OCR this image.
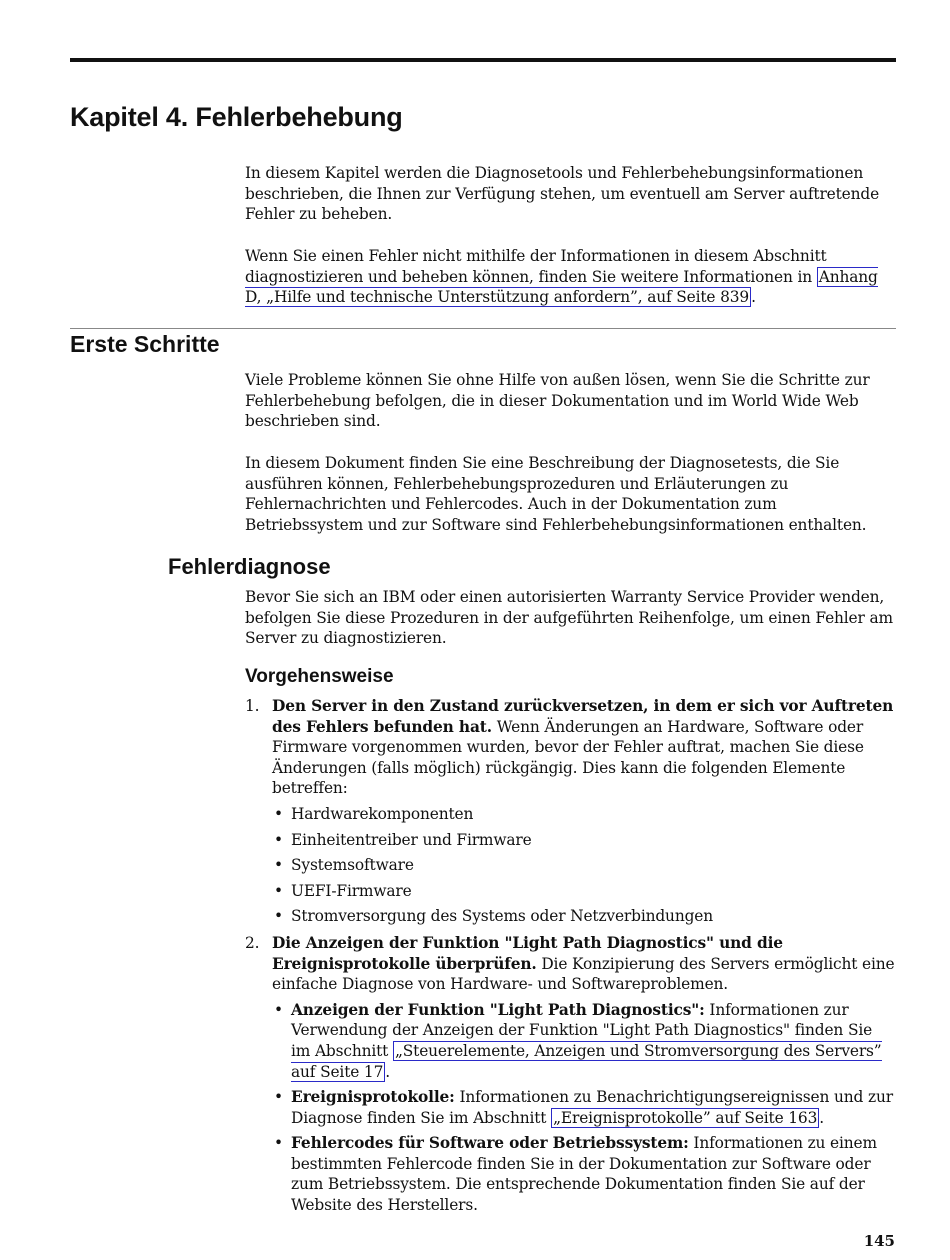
Kapitel 4. Fehlerbehebung

In diesem Kapitel werden die Diagnosetools und Fehlerbehebungsinformationen beschrieben, die Ihnen zur Verfügung stehen, um eventuell am Server auftretende Fehler zu beheben.

Wenn Sie einen Fehler nicht mithilfe der Informationen in diesem Abschnitt diagnostizieren und beheben können, finden Sie weitere Informationen in Anhang D, „Hilfe und technische Unterstützung anfordern”, auf Seite 839 .

Erste Schritte

Viele Probleme können Sie ohne Hilfe von außen lösen, wenn Sie die Schritte zur Fehlerbehebung befolgen, die in dieser Dokumentation und im World Wide Web beschrieben sind.

In diesem Dokument finden Sie eine Beschreibung der Diagnosetests, die Sie ausführen können, Fehlerbehebungsprozeduren und Erläuterungen zu Fehlernachrichten und Fehlercodes. Auch in der Dokumentation zum Betriebssystem und zur Software sind Fehlerbehebungsinformationen enthalten.

Fehlerdiagnose

Bevor Sie sich an IBM oder einen autorisierten Warranty Service Provider wenden, befolgen Sie diese Prozeduren in der aufgeführten Reihenfolge, um einen Fehler am Server zu diagnostizieren.

Vorgehensweise
1. Den Server in den Zustand zurückversetzen, in dem er sich vor Auftreten des Fehlers befunden hat. Wenn Änderungen an Hardware, Software oder Firmware vorgenommen wurden, bevor der Fehler auftrat, machen Sie diese Änderungen (falls möglich) rückgängig. Dies kann die folgenden Elemente betreffen:
• Hardwarekomponenten
• Einheitentreiber und Firmware
• Systemsoftware
• UEFI-Firmware
• Stromversorgung des Systems oder Netzverbindungen
2. Die Anzeigen der Funktion "Light Path Diagnostics" und die Ereignisprotokolle überprüfen. Die Konzipierung des Servers ermöglicht eine einfache Diagnose von Hardware- und Softwareproblemen.
• Anzeigen der Funktion "Light Path Diagnostics": Informationen zur Verwendung der Anzeigen der Funktion "Light Path Diagnostics" finden Sie im Abschnitt „Steuerelemente, Anzeigen und Stromversorgung des Servers” auf Seite 17 .
• Ereignisprotokolle: Informationen zu Benachrichtigungsereignissen und zur Diagnose finden Sie im Abschnitt „Ereignisprotokolle” auf Seite 163 .
• Fehlercodes für Software oder Betriebssystem: Informationen zu einem bestimmten Fehlercode finden Sie in der Dokumentation zur Software oder zum Betriebssystem. Die entsprechende Dokumentation finden Sie auf der Website des Herstellers.
145
